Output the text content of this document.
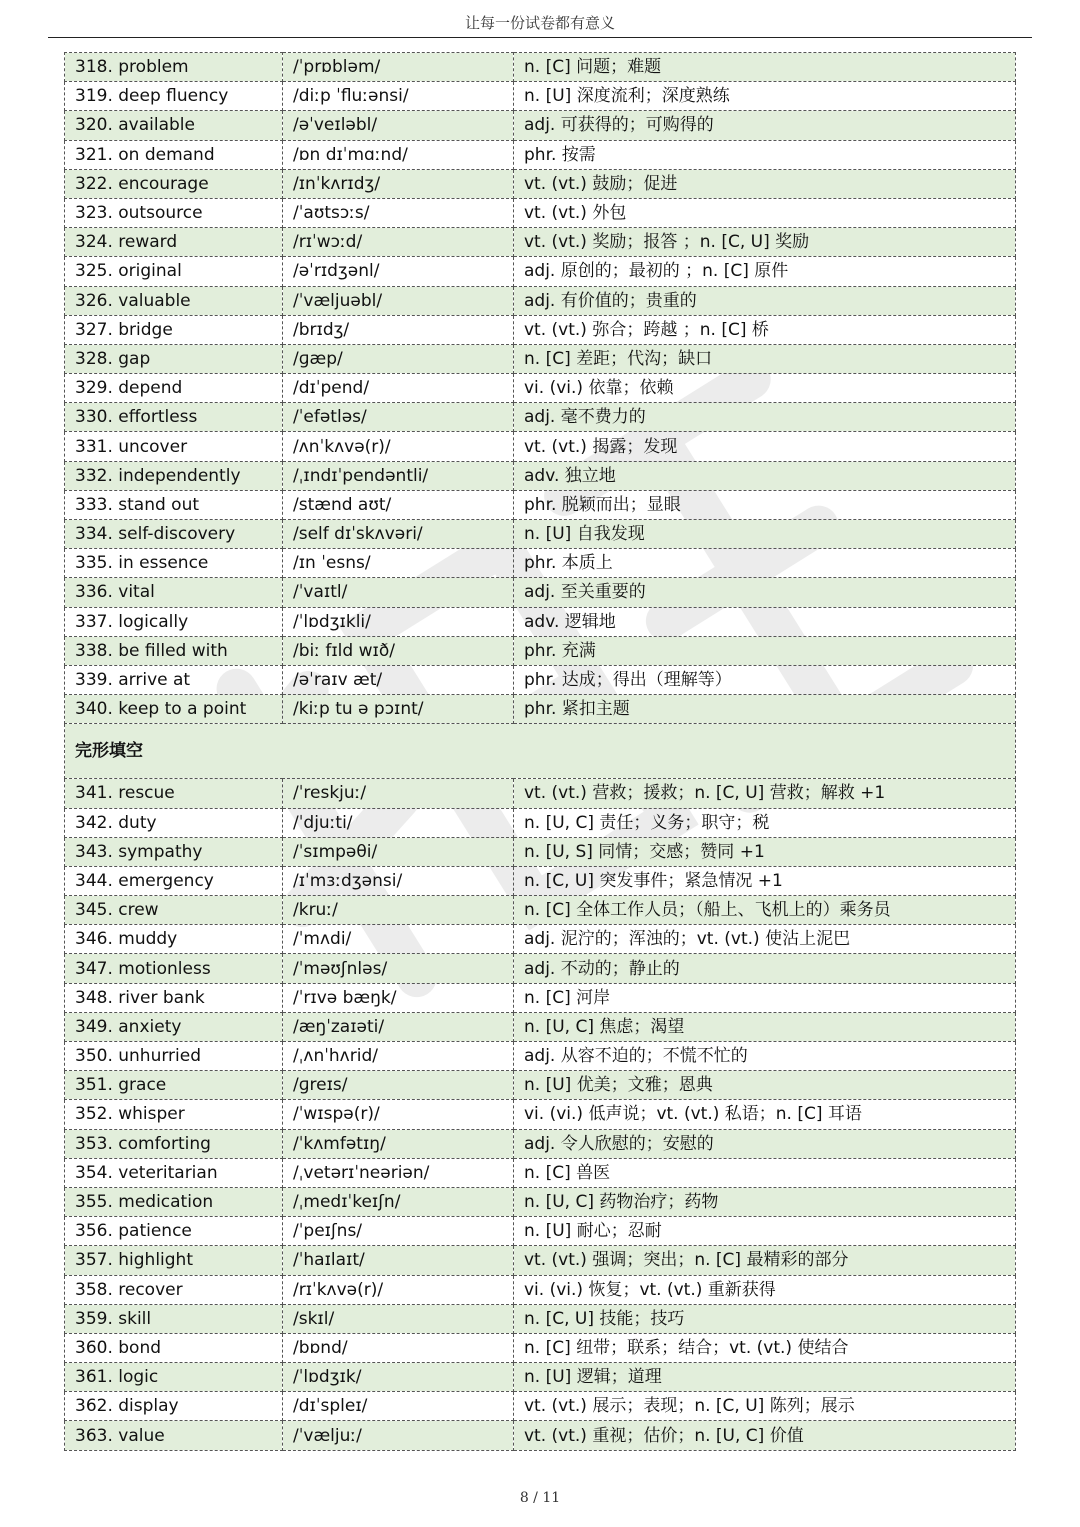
让每一份试卷都有意义
318. problem	/ˈprɒbləm/	n. [C] 问题；难题
319. deep fluency	/diːp ˈfluːənsi/	n. [U] 深度流利；深度熟练
320. available	/əˈveɪləbl/	adj. 可获得的；可购得的
321. on demand	/ɒn dɪˈmɑːnd/	phr. 按需
322. encourage	/ɪnˈkʌrɪdʒ/	vt. (vt.) 鼓励；促进
323. outsource	/ˈaʊtsɔːs/	vt. (vt.) 外包
324. reward	/rɪˈwɔːd/	vt. (vt.) 奖励；报答 ；n. [C, U] 奖励
325. original	/əˈrɪdʒənl/	adj. 原创的；最初的 ；n. [C] 原件
326. valuable	/ˈvæljuəbl/	adj. 有价值的；贵重的
327. bridge	/brɪdʒ/	vt. (vt.) 弥合；跨越 ；n. [C] 桥
328. gap	/ɡæp/	n. [C] 差距；代沟；缺口
329. depend	/dɪˈpend/	vi. (vi.) 依靠；依赖
330. effortless	/ˈefətləs/	adj. 毫不费力的
331. uncover	/ʌnˈkʌvə(r)/	vt. (vt.) 揭露；发现
332. independently	/ˌɪndɪˈpendəntli/	adv. 独立地
333. stand out	/stænd aʊt/	phr. 脱颖而出；显眼
334. self-discovery	/self dɪˈskʌvəri/	n. [U] 自我发现
335. in essence	/ɪn ˈesns/	phr. 本质上
336. vital	/ˈvaɪtl/	adj. 至关重要的
337. logically	/ˈlɒdʒɪkli/	adv. 逻辑地
338. be filled with	/biː fɪld wɪð/	phr. 充满
339. arrive at	/əˈraɪv æt/	phr. 达成；得出（理解等）
340. keep to a point	/kiːp tu ə pɔɪnt/	phr. 紧扣主题
完形填空		
341. rescue	/ˈreskjuː/	vt. (vt.) 营救；援救；n. [C, U] 营救；解救 +1
342. duty	/ˈdjuːti/	n. [U, C] 责任；义务；职守；税
343. sympathy	/ˈsɪmpəθi/	n. [U, S] 同情；交感；赞同 +1
344. emergency	/ɪˈmɜːdʒənsi/	n. [C, U] 突发事件；紧急情况 +1
345. crew	/kruː/	n. [C] 全体工作人员；（船上、飞机上的）乘务员
346. muddy	/ˈmʌdi/	adj. 泥泞的；浑浊的；vt. (vt.) 使沾上泥巴
347. motionless	/ˈməʊʃnləs/	adj. 不动的；静止的
348. river bank	/ˈrɪvə bæŋk/	n. [C] 河岸
349. anxiety	/æŋˈzaɪəti/	n. [U, C] 焦虑；渴望
350. unhurried	/ˌʌnˈhʌrid/	adj. 从容不迫的；不慌不忙的
351. grace	/ɡreɪs/	n. [U] 优美；文雅；恩典
352. whisper	/ˈwɪspə(r)/	vi. (vi.) 低声说；vt. (vt.) 私语；n. [C] 耳语
353. comforting	/ˈkʌmfətɪŋ/	adj. 令人欣慰的；安慰的
354. veteritarian	/ˌvetərɪˈneəriən/	n. [C] 兽医
355. medication	/ˌmedɪˈkeɪʃn/	n. [U, C] 药物治疗；药物
356. patience	/ˈpeɪʃns/	n. [U] 耐心；忍耐
357. highlight	/ˈhaɪlaɪt/	vt. (vt.) 强调；突出；n. [C] 最精彩的部分
358. recover	/rɪˈkʌvə(r)/	vi. (vi.) 恢复；vt. (vt.) 重新获得
359. skill	/skɪl/	n. [C, U] 技能；技巧
360. bond	/bɒnd/	n. [C] 纽带；联系；结合；vt. (vt.) 使结合
361. logic	/ˈlɒdʒɪk/	n. [U] 逻辑；道理
362. display	/dɪˈspleɪ/	vt. (vt.) 展示；表现；n. [C, U] 陈列；展示
363. value	/ˈvæljuː/	vt. (vt.) 重视；估价；n. [U, C] 价值
8 / 11
